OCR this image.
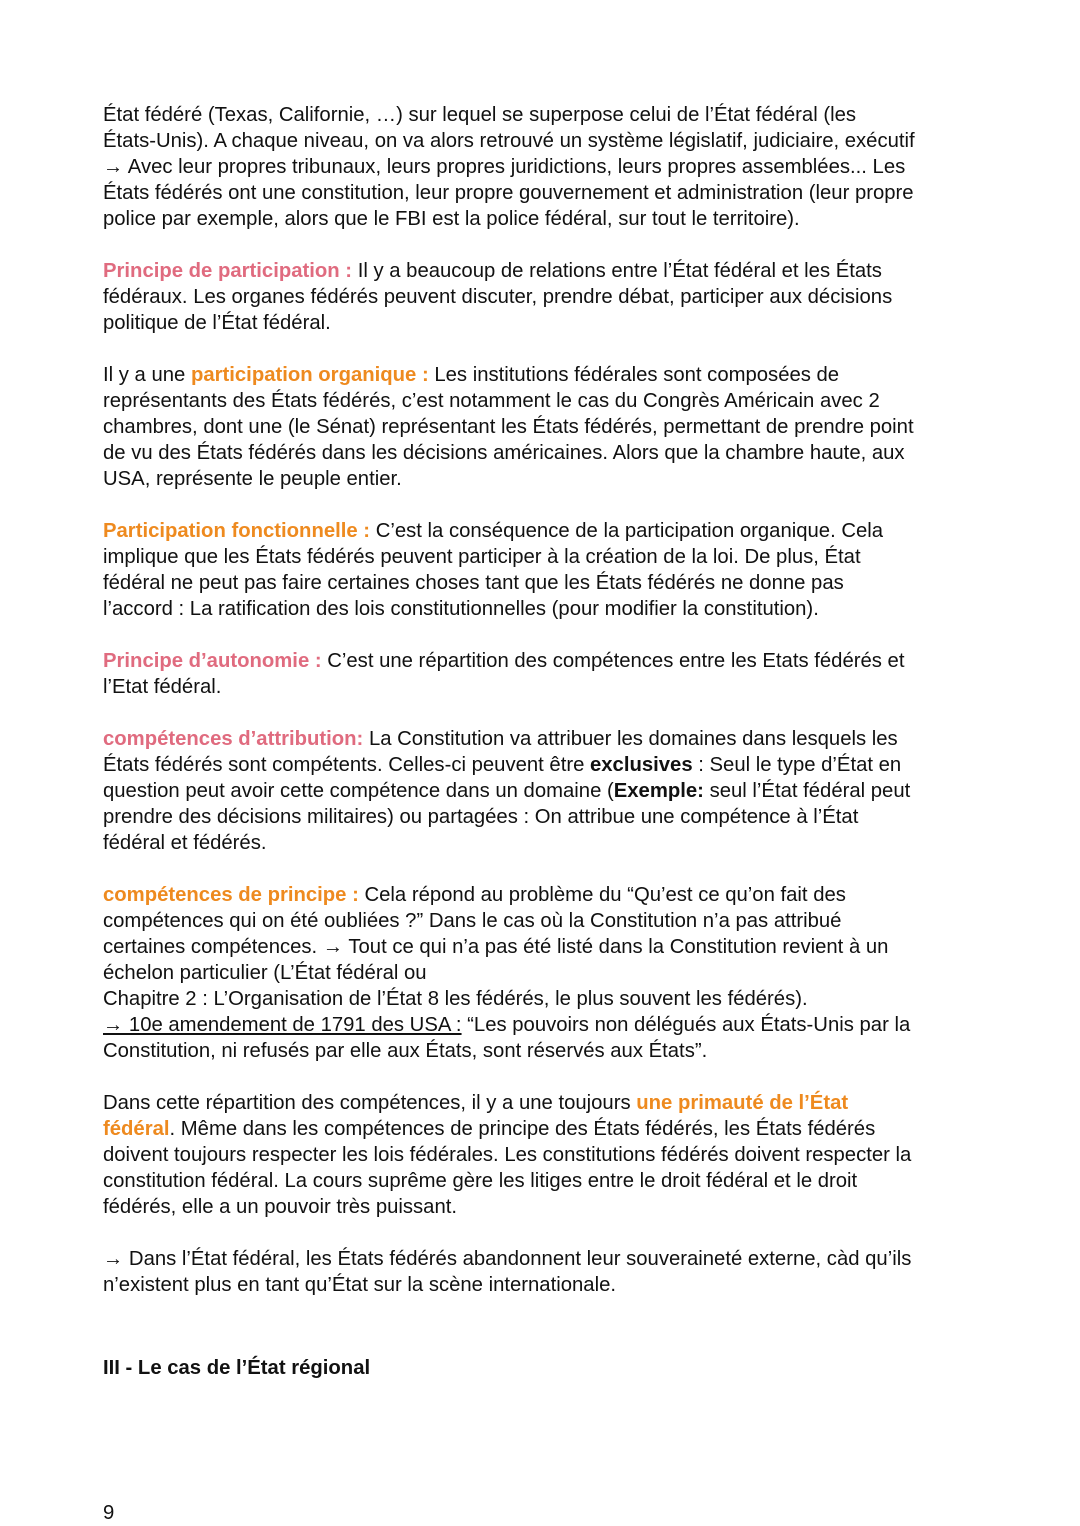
État fédéré (Texas, Californie, …) sur lequel se superpose celui de l’État fédéral (les
États-Unis). A chaque niveau, on va alors retrouvé un système législatif, judiciaire, exécutif
→ Avec leur propres tribunaux, leurs propres juridictions, leurs propres assemblées... Les
États fédérés ont une constitution, leur propre gouvernement et administration (leur propre
police par exemple, alors que le FBI est la police fédéral, sur tout le territoire).

Principe de participation : Il y a beaucoup de relations entre l’État fédéral et les États
fédéraux. Les organes fédérés peuvent discuter, prendre débat, participer aux décisions
politique de l’État fédéral.

Il y a une participation organique : Les institutions fédérales sont composées de
représentants des États fédérés, c’est notamment le cas du Congrès Américain avec 2
chambres, dont une (le Sénat) représentant les États fédérés, permettant de prendre point
de vu des États fédérés dans les décisions américaines. Alors que la chambre haute, aux
USA, représente le peuple entier.

Participation fonctionnelle : C’est la conséquence de la participation organique. Cela
implique que les États fédérés peuvent participer à la création de la loi. De plus, État
fédéral ne peut pas faire certaines choses tant que les États fédérés ne donne pas
l’accord : La ratification des lois constitutionnelles (pour modifier la constitution).

Principe d’autonomie : C’est une répartition des compétences entre les Etats fédérés et
l’Etat fédéral.

compétences d’attribution: La Constitution va attribuer les domaines dans lesquels les
États fédérés sont compétents. Celles-ci peuvent être exclusives : Seul le type d’État en
question peut avoir cette compétence dans un domaine (Exemple: seul l’État fédéral peut
prendre des décisions militaires) ou partagées : On attribue une compétence à l’État
fédéral et fédérés.

compétences de principe : Cela répond au problème du “Qu’est ce qu’on fait des
compétences qui on été oubliées ?” Dans le cas où la Constitution n’a pas attribué
certaines compétences. → Tout ce qui n’a pas été listé dans la Constitution revient à un
échelon particulier (L’État fédéral ou
Chapitre 2 : L’Organisation de l’État 8 les fédérés, le plus souvent les fédérés).
→ 10e amendement de 1791 des USA : “Les pouvoirs non délégués aux États-Unis par la
Constitution, ni refusés par elle aux États, sont réservés aux États”.

Dans cette répartition des compétences, il y a une toujours une primauté de l’État
fédéral. Même dans les compétences de principe des États fédérés, les États fédérés
doivent toujours respecter les lois fédérales. Les constitutions fédérés doivent respecter la
constitution fédéral. La cours suprême gère les litiges entre le droit fédéral et le droit
fédérés, elle a un pouvoir très puissant.

→ Dans l’État fédéral, les États fédérés abandonnent leur souveraineté externe, càd qu’ils
n’existent plus en tant qu’État sur la scène internationale.

III - Le cas de l’État régional
9
